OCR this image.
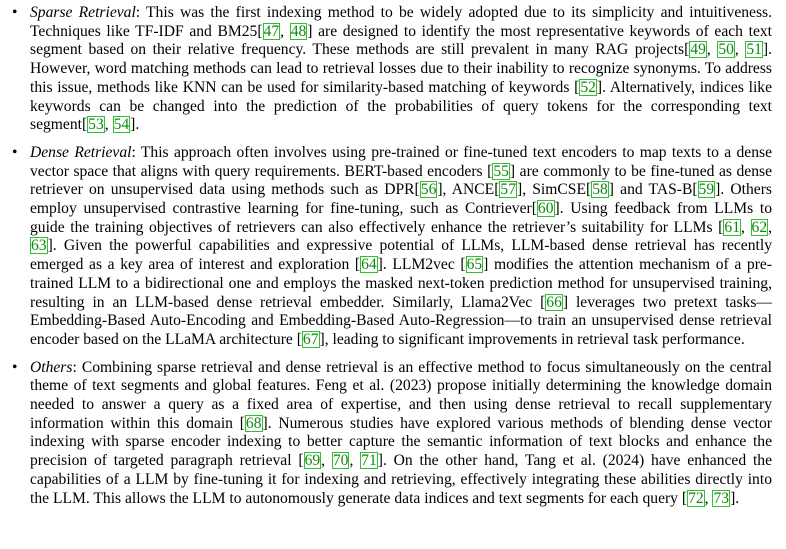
• Sparse Retrieval: This was the first indexing method to be widely adopted due to its simplicity and intuitiveness. Techniques like TF-IDF and BM25[47, 48] are designed to identify the most representative keywords of each text segment based on their relative frequency. These methods are still prevalent in many RAG projects[49, 50, 51]. However, word matching methods can lead to retrieval losses due to their inability to recognize synonyms. To address this issue, methods like KNN can be used for similarity-based matching of keywords [52]. Alternatively, indices like keywords can be changed into the prediction of the probabilities of query tokens for the corresponding text segment[53, 54].
• Dense Retrieval: This approach often involves using pre-trained or fine-tuned text encoders to map texts to a dense vector space that aligns with query requirements. BERT-based encoders [55] are commonly to be fine-tuned as dense retriever on unsupervised data using methods such as DPR[56], ANCE[57], SimCSE[58] and TAS-B[59]. Others employ unsupervised contrastive learning for fine-tuning, such as Contriever[60]. Using feedback from LLMs to guide the training objectives of retrievers can also effectively enhance the retriever’s suitability for LLMs [61, 62, 63]. Given the powerful capabilities and expressive potential of LLMs, LLM-based dense retrieval has recently emerged as a key area of interest and exploration [64]. LLM2vec [65] modifies the attention mechanism of a pre-trained LLM to a bidirectional one and employs the masked next-token prediction method for unsupervised training, resulting in an LLM-based dense retrieval embedder. Similarly, Llama2Vec [66] leverages two pretext tasks—Embedding-Based Auto-Encoding and Embedding-Based Auto-Regression—to train an unsupervised dense retrieval encoder based on the LLaMA architecture [67], leading to significant improvements in retrieval task performance.
• Others: Combining sparse retrieval and dense retrieval is an effective method to focus simultaneously on the central theme of text segments and global features. Feng et al. (2023) propose initially determining the knowledge domain needed to answer a query as a fixed area of expertise, and then using dense retrieval to recall supplementary information within this domain [68]. Numerous studies have explored various methods of blending dense vector indexing with sparse encoder indexing to better capture the semantic information of text blocks and enhance the precision of targeted paragraph retrieval [69, 70, 71]. On the other hand, Tang et al. (2024) have enhanced the capabilities of a LLM by fine-tuning it for indexing and retrieving, effectively integrating these abilities directly into the LLM. This allows the LLM to autonomously generate data indices and text segments for each query [72, 73].
